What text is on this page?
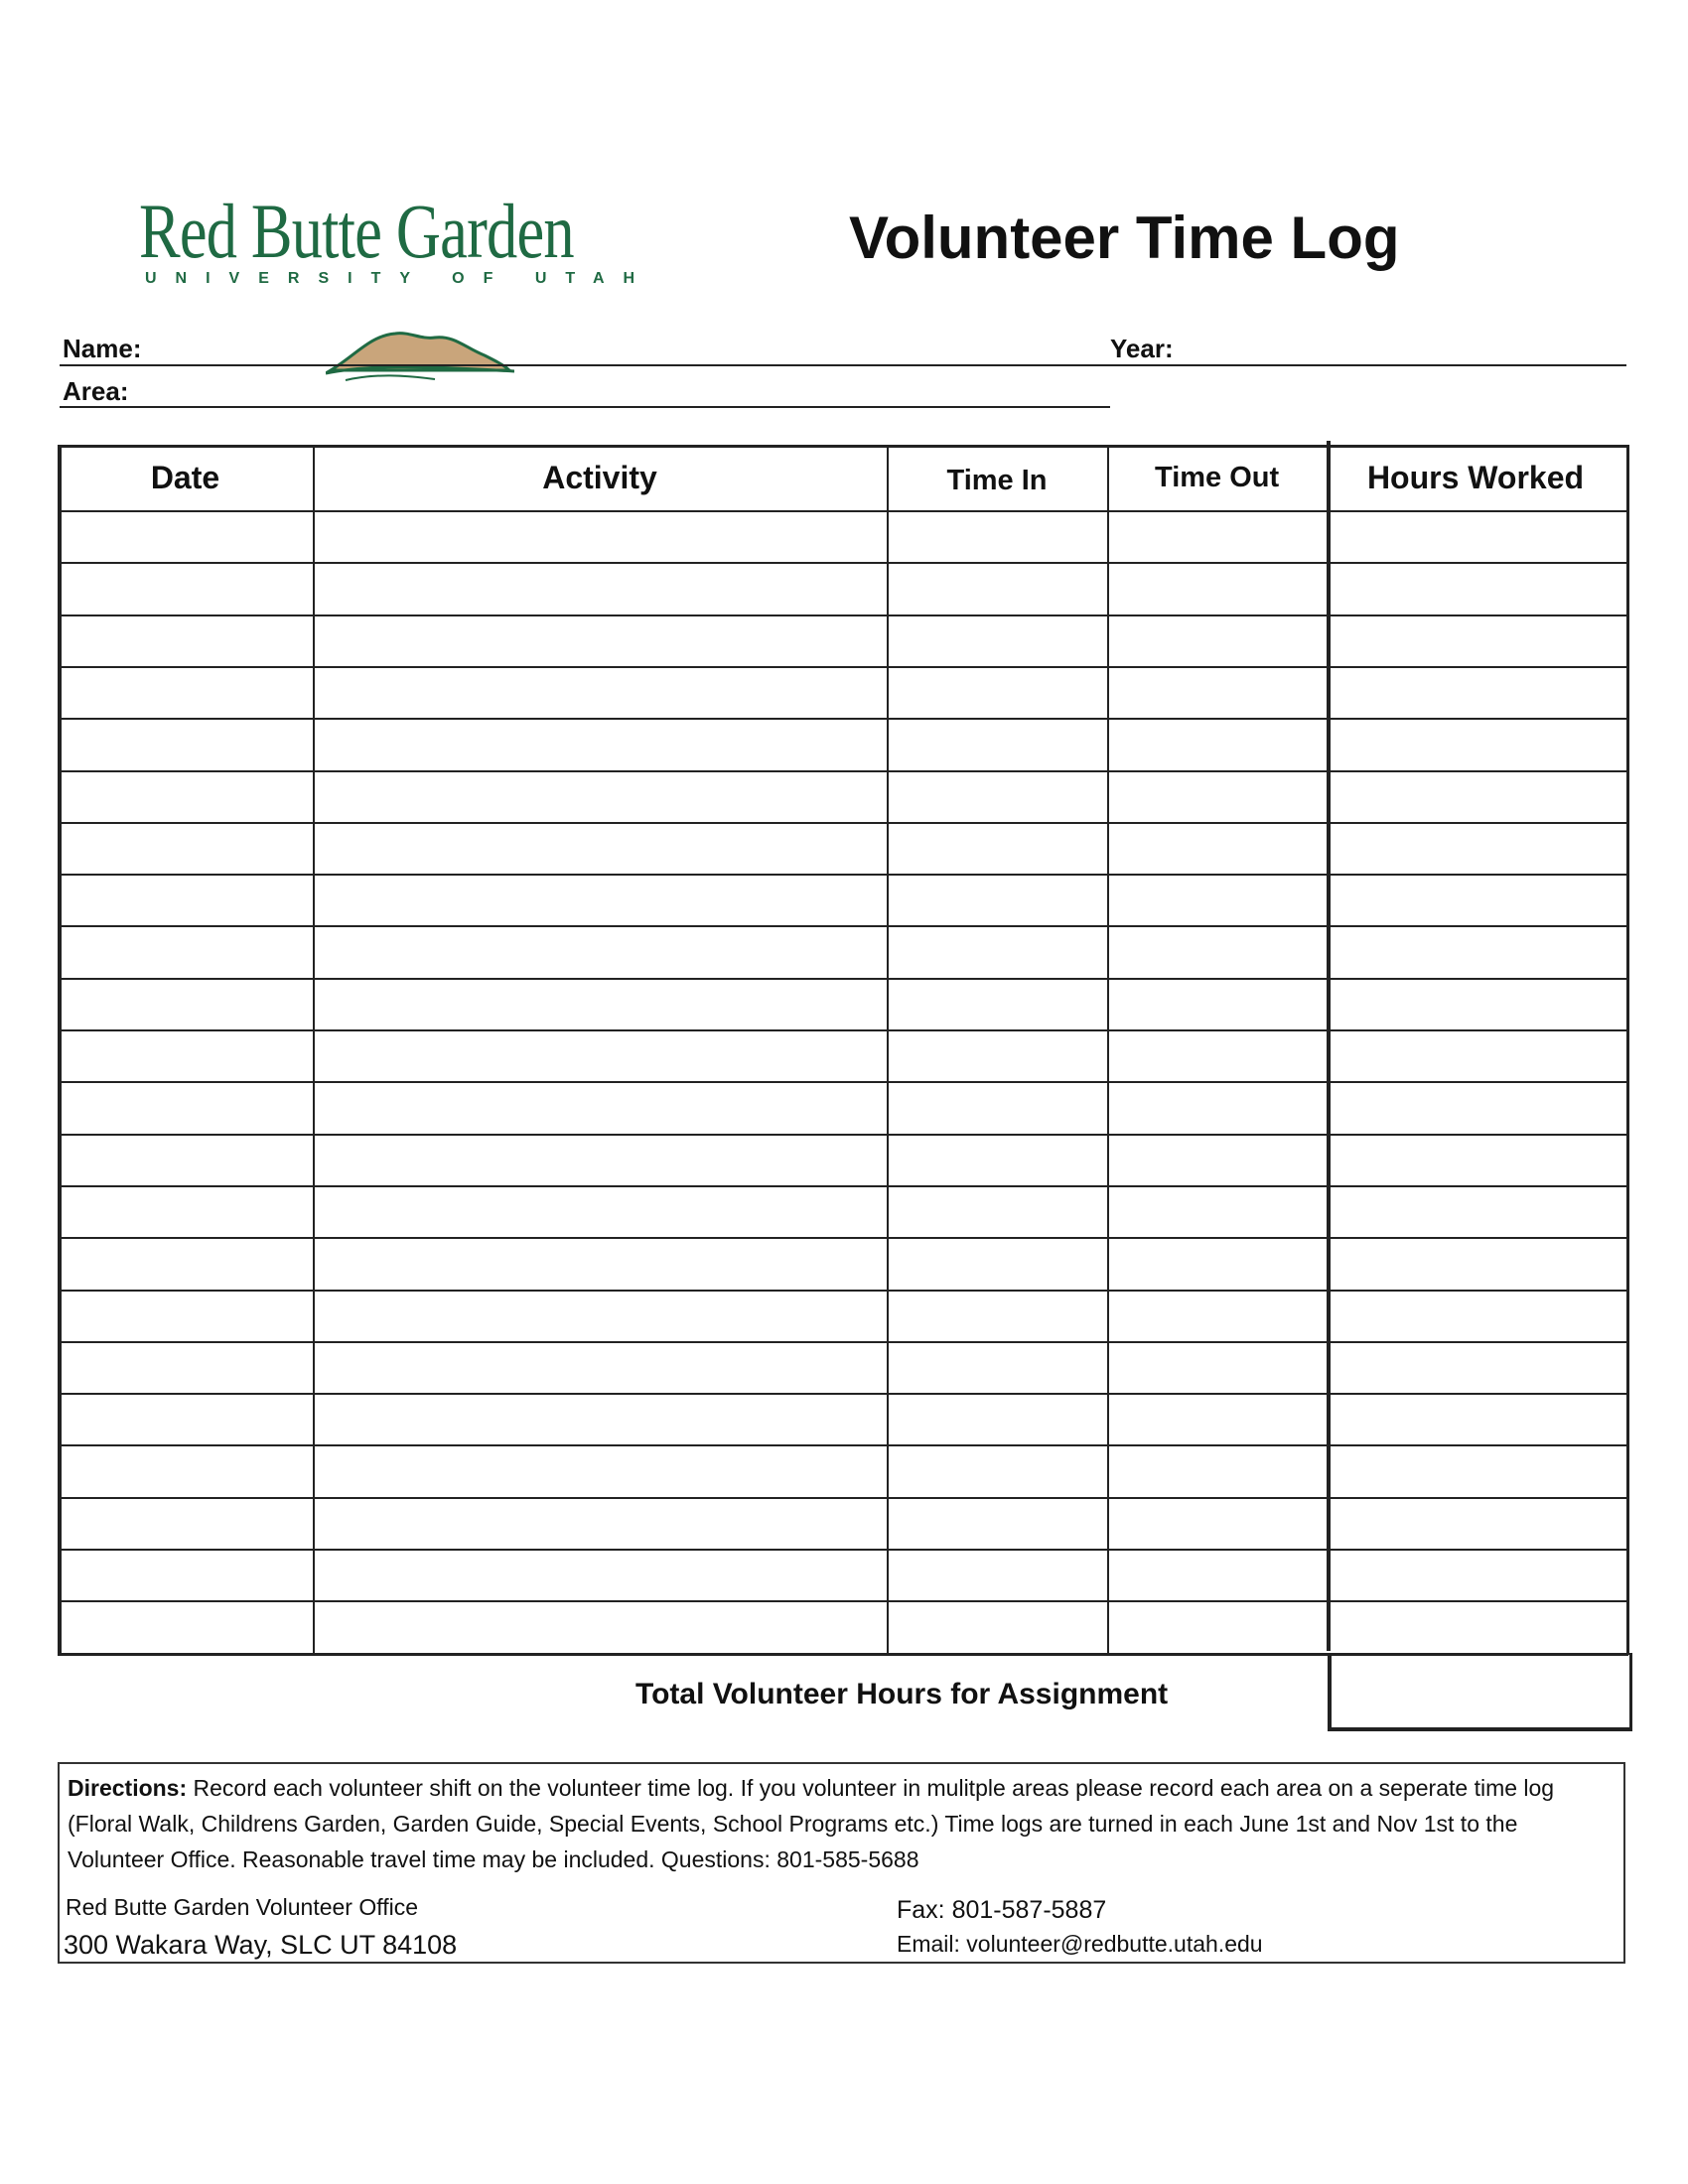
Red Butte Garden
UNIVERSITY OF UTAH
Volunteer Time Log
Name:	Year:
Area:
Date	Activity	Time In	Time Out	Hours Worked
Total Volunteer Hours for Assignment
Directions: Record each volunteer shift on the volunteer time log. If you volunteer in mulitple areas please record each area on a seperate time log (Floral Walk, Childrens Garden, Garden Guide, Special Events, School Programs etc.) Time logs are turned in each June 1st and Nov 1st to the Volunteer Office. Reasonable travel time may be included. Questions: 801-585-5688
Red Butte Garden Volunteer Office
300 Wakara Way, SLC UT 84108
Fax: 801-587-5887
Email: volunteer@redbutte.utah.edu
